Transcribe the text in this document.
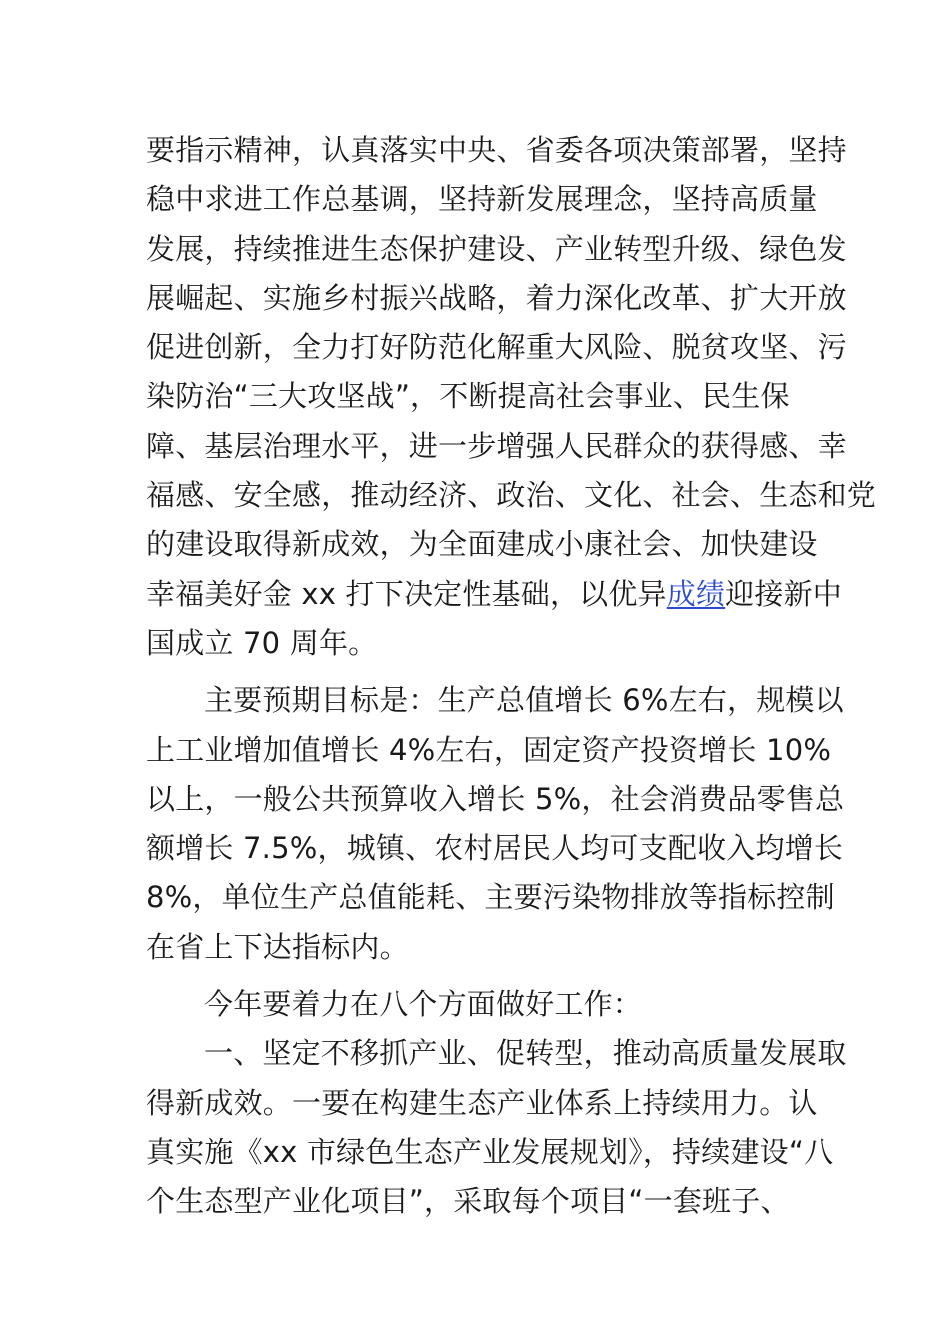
要指示精神，认真落实中央、省委各项决策部署，坚持
稳中求进工作总基调，坚持新发展理念，坚持高质量
发展，持续推进生态保护建设、产业转型升级、绿色发
展崛起、实施乡村振兴战略，着力深化改革、扩大开放
促进创新，全力打好防范化解重大风险、脱贫攻坚、污
染防治“三大攻坚战”，不断提高社会事业、民生保
障、基层治理水平，进一步增强人民群众的获得感、幸
福感、安全感，推动经济、政治、文化、社会、生态和党
的建设取得新成效，为全面建成小康社会、加快建设
幸福美好金 xx 打下决定性基础，以优异成绩迎接新中
国成立 70 周年。
主要预期目标是：生产总值增长 6%左右，规模以
上工业增加值增长 4%左右，固定资产投资增长 10%
以上，一般公共预算收入增长 5%，社会消费品零售总
额增长 7.5%，城镇、农村居民人均可支配收入均增长
8%，单位生产总值能耗、主要污染物排放等指标控制
在省上下达指标内。
今年要着力在八个方面做好工作：
一、坚定不移抓产业、促转型，推动高质量发展取
得新成效。一要在构建生态产业体系上持续用力。认
真实施《xx 市绿色生态产业发展规划》，持续建设“八
个生态型产业化项目”，采取每个项目“一套班子、
